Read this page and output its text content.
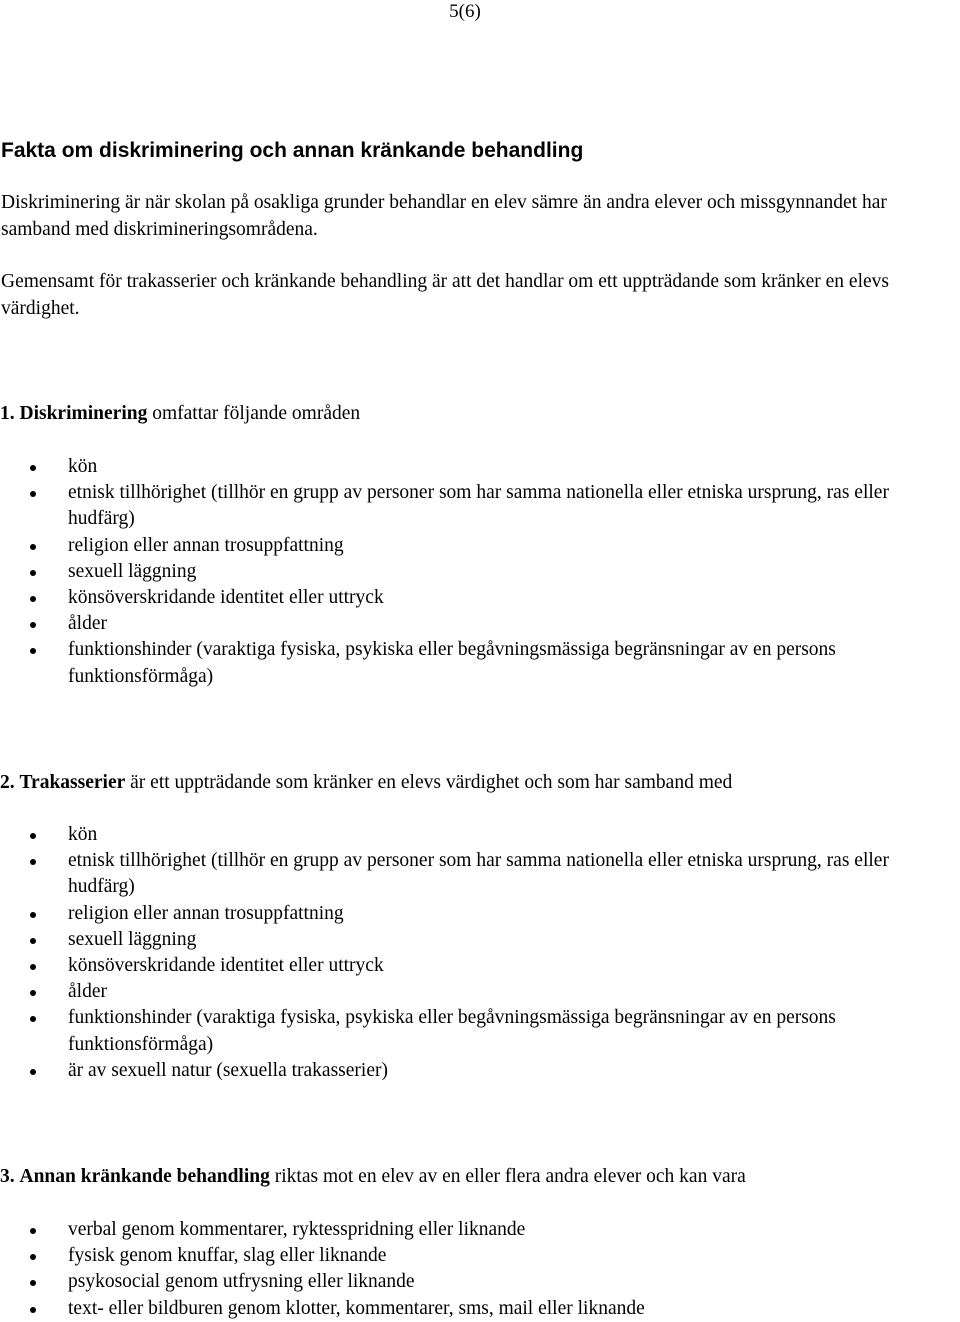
5(6)
Fakta om diskriminering och annan kränkande behandling

Diskriminering är när skolan på osakliga grunder behandlar en elev sämre än andra elever och missgynnandet har samband med diskrimineringsområdena.

Gemensamt för trakasserier och kränkande behandling är att det handlar om ett uppträdande som kränker en elevs värdighet.

1. Diskriminering omfattar följande områden
kön
etnisk tillhörighet (tillhör en grupp av personer som har samma nationella eller etniska ursprung, ras eller hudfärg)
religion eller annan trosuppfattning
sexuell läggning
könsöverskridande identitet eller uttryck
ålder
funktionshinder (varaktiga fysiska, psykiska eller begåvningsmässiga begränsningar av en persons funktionsförmåga)
2. Trakasserier är ett uppträdande som kränker en elevs värdighet och som har samband med
kön
etnisk tillhörighet (tillhör en grupp av personer som har samma nationella eller etniska ursprung, ras eller hudfärg)
religion eller annan trosuppfattning
sexuell läggning
könsöverskridande identitet eller uttryck
ålder
funktionshinder (varaktiga fysiska, psykiska eller begåvningsmässiga begränsningar av en persons funktionsförmåga)
är av sexuell natur (sexuella trakasserier)
3. Annan kränkande behandling riktas mot en elev av en eller flera andra elever och kan vara
verbal genom kommentarer, ryktesspridning eller liknande
fysisk genom knuffar, slag eller liknande
psykosocial genom utfrysning eller liknande
text- eller bildburen genom klotter, kommentarer, sms, mail eller liknande
